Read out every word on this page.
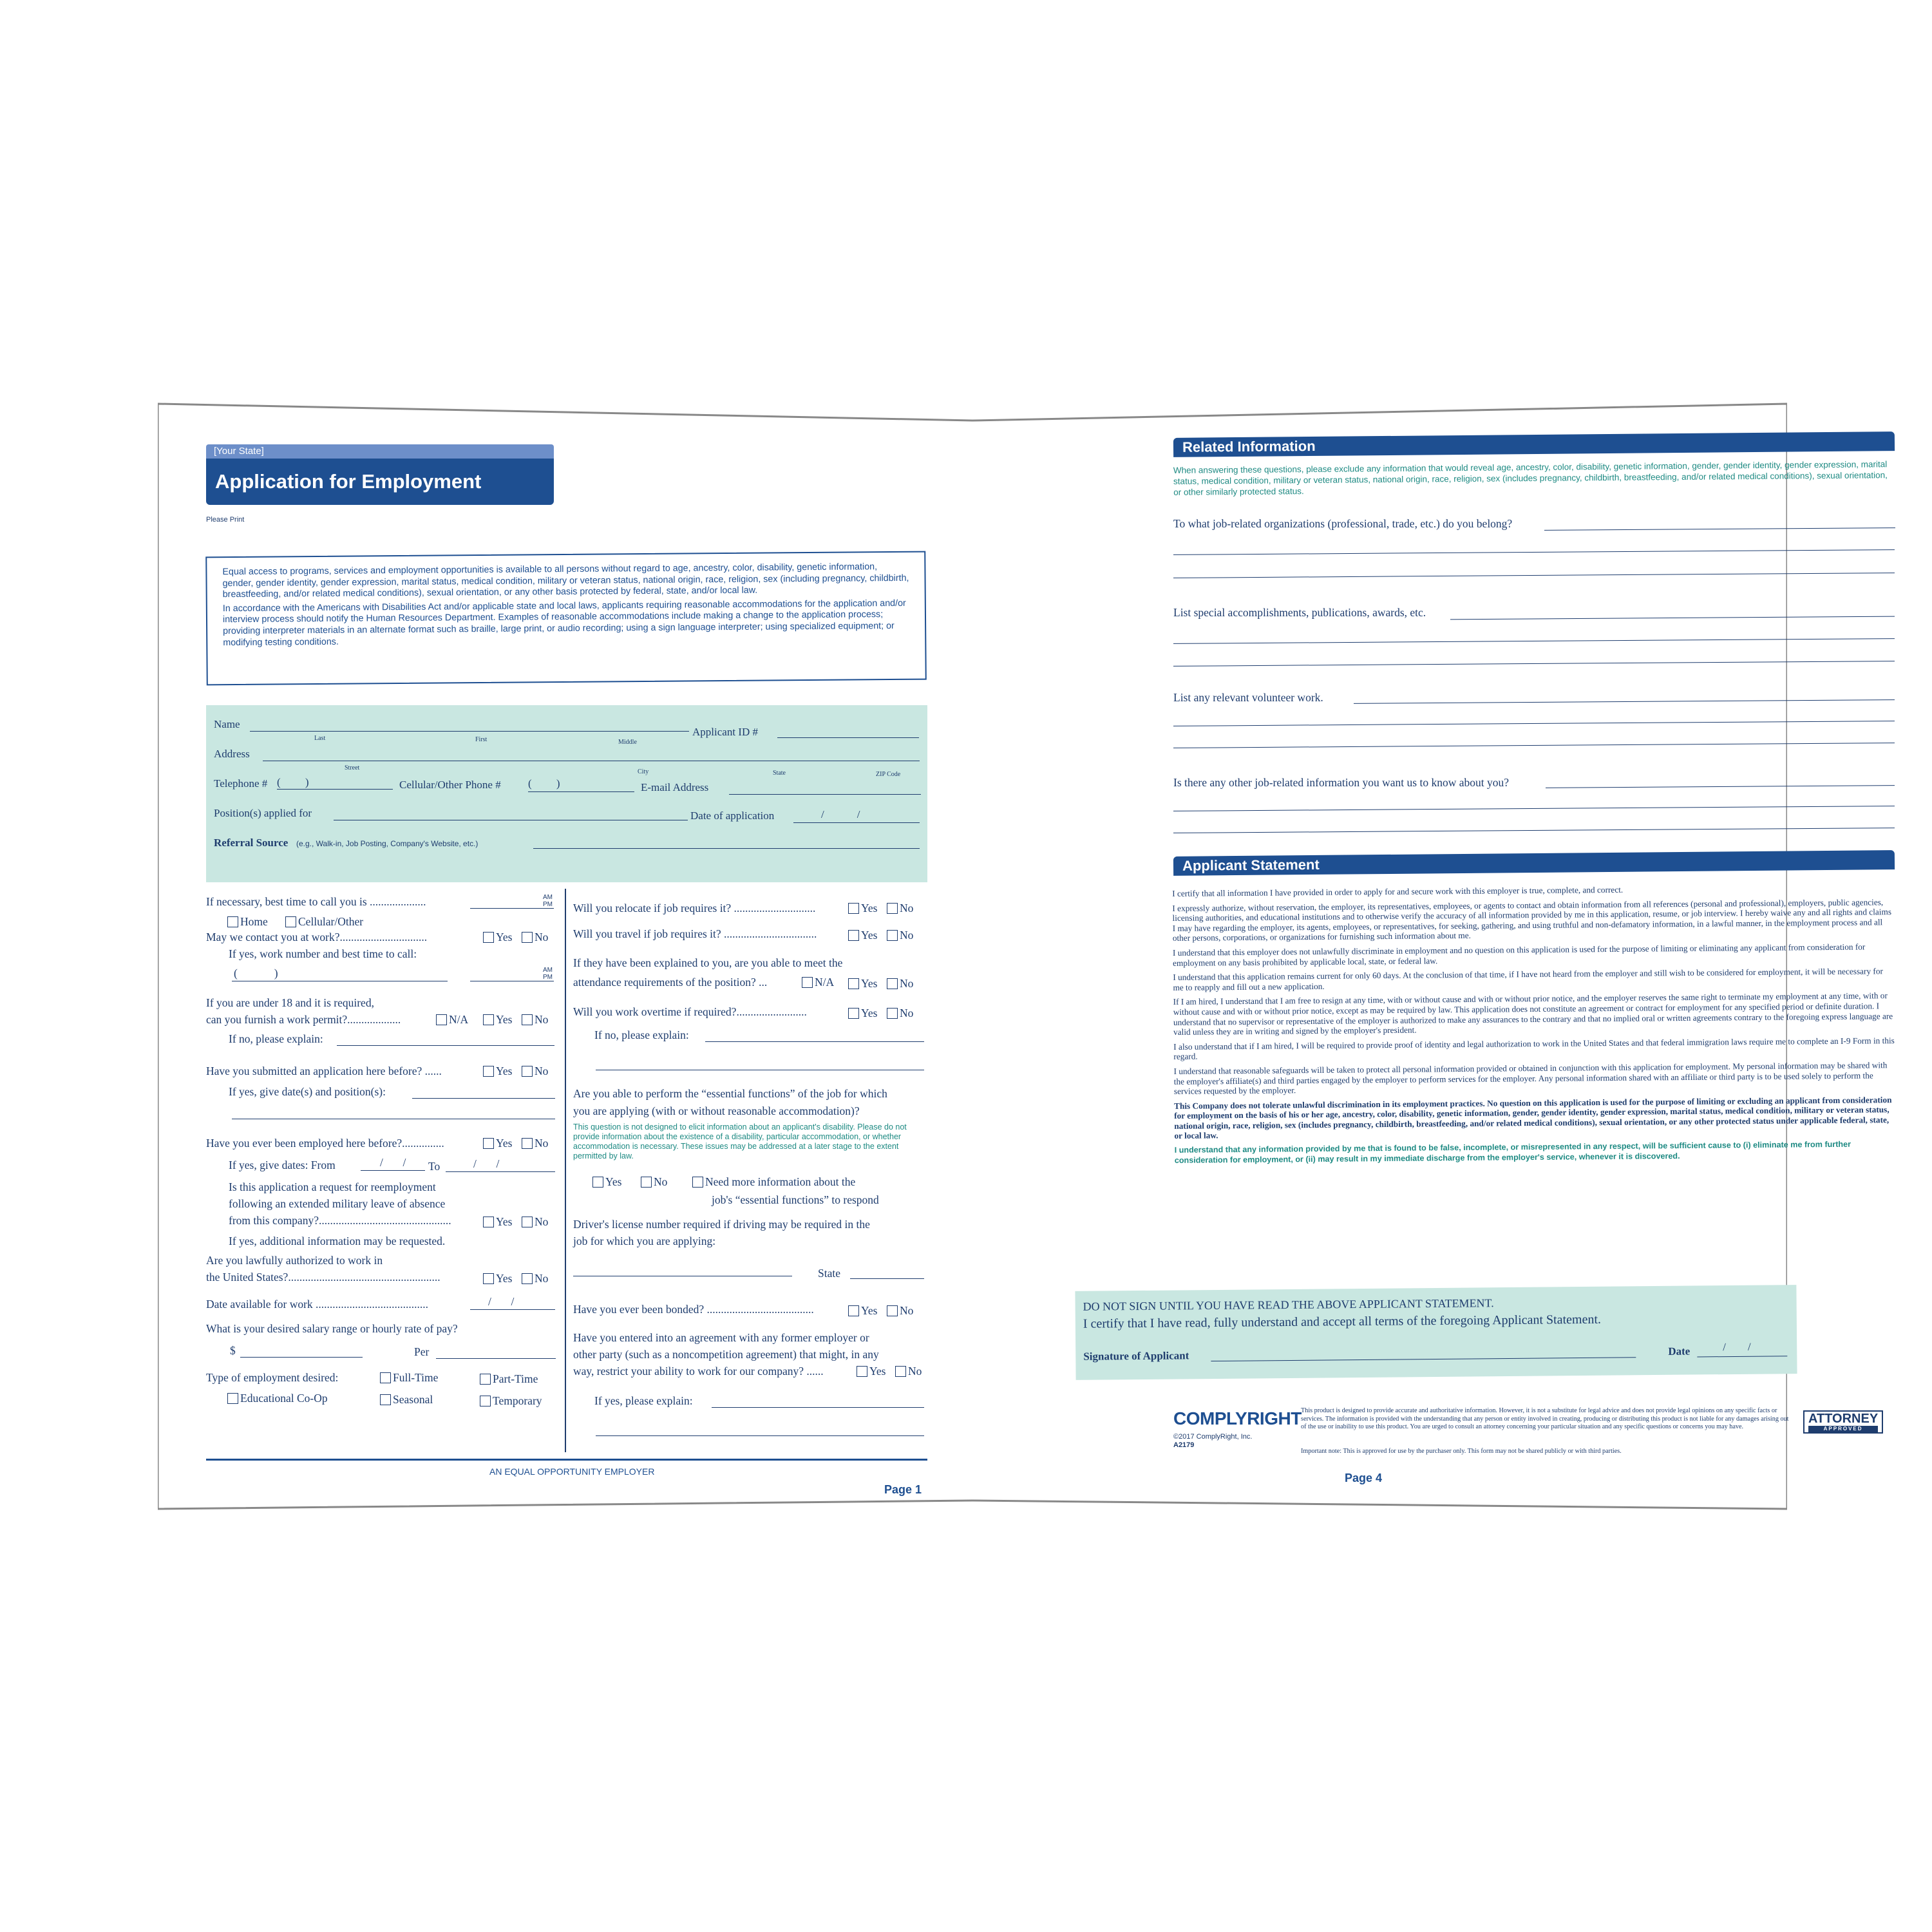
[Your State]
Application for Employment
Please Print

Equal access to programs, services and employment opportunities is available to all persons without regard to age, ancestry, color, disability, genetic information, gender, gender identity, gender expression, marital status, medical condition, military or veteran status, national origin, race, religion, sex (including pregnancy, childbirth, breastfeeding, and/or related medical conditions), sexual orientation, or any other basis protected by federal, state, and/or local law.

In accordance with the Americans with Disabilities Act and/or applicable state and local laws, applicants requiring reasonable accommodations for the application and/or interview process should notify the Human Resources Department. Examples of reasonable accommodations include making a change to the application process; providing interpreter materials in an alternate format such as braille, large print, or audio recording; using a sign language interpreter; using specialized equipment; or modifying testing conditions.

Name
Last	First	Middle
Applicant ID #
Address
Street
City	State	ZIP Code
Telephone # (         )	Cellular/Other Phone # (         )	E-mail Address
Position(s) applied for	Date of application	/            /
Referral Source (e.g., Walk-in, Job Posting, Company's Website, etc.)
If necessary, best time to call you is ....................	AM
PM
Home	Cellular/Other
May we contact you at work?...............................	Yes	No
If yes, work number and best time to call:
(             )	AM
PM
If you are under 18 and it is required,
can you furnish a work permit?...................	N/A	Yes	No
If no, please explain:
Have you submitted an application here before? ......	Yes	No
If yes, give date(s) and position(s):
Have you ever been employed here before?...............	Yes	No
If yes, give dates: From	/       / To	/       /
Is this application a request for reemployment
following an extended military leave of absence
from this company?...............................................	Yes	No
If yes, additional information may be requested.
Are you lawfully authorized to work in
the United States?......................................................	Yes	No
Date available for work ........................................	/       /
What is your desired salary range or hourly rate of pay?
$	Per
Type of employment desired:	Full-Time	Part-Time
Educational Co-Op	Seasonal	Temporary
Will you relocate if job requires it? .............................	Yes	No
Will you travel if job requires it? .................................	Yes	No
If they have been explained to you, are you able to meet the
attendance requirements of the position? ...	N/A	Yes	No
Will you work overtime if required?.........................	Yes	No
If no, please explain:
Are you able to perform the “essential functions” of the job for which
you are applying (with or without reasonable accommodation)?
This question is not designed to elicit information about an applicant's disability. Please do not provide information about the existence of a disability, particular accommodation, or whether accommodation is necessary. These issues may be addressed at a later stage to the extent permitted by law.
Yes	No	Need more information about the
job's “essential functions” to respond
Driver's license number required if driving may be required in the
job for which you are applying:
State
Have you ever been bonded? ......................................	Yes	No
Have you entered into an agreement with any former employer or
other party (such as a noncompetition agreement) that might, in any
way, restrict your ability to work for our company? ......	Yes	No
If yes, please explain:
AN EQUAL OPPORTUNITY EMPLOYER
Page 1
Related Information
When answering these questions, please exclude any information that would reveal age, ancestry, color, disability, genetic information, gender, gender identity, gender expression, marital status, medical condition, military or veteran status, national origin, race, religion, sex (includes pregnancy, childbirth, breastfeeding, and/or related medical conditions), sexual orientation, or other similarly protected status.
To what job-related organizations (professional, trade, etc.) do you belong?
List special accomplishments, publications, awards, etc.
List any relevant volunteer work.
Is there any other job-related information you want us to know about you?
Applicant Statement

I certify that all information I have provided in order to apply for and secure work with this employer is true, complete, and correct.

I expressly authorize, without reservation, the employer, its representatives, employees, or agents to contact and obtain information from all references (personal and professional), employers, public agencies, licensing authorities, and educational institutions and to otherwise verify the accuracy of all information provided by me in this application, resume, or job interview. I hereby waive any and all rights and claims I may have regarding the employer, its agents, employees, or representatives, for seeking, gathering, and using truthful and non-defamatory information, in a lawful manner, in the employment process and all other persons, corporations, or organizations for furnishing such information about me.

I understand that this employer does not unlawfully discriminate in employment and no question on this application is used for the purpose of limiting or eliminating any applicant from consideration for employment on any basis prohibited by applicable local, state, or federal law.

I understand that this application remains current for only 60 days. At the conclusion of that time, if I have not heard from the employer and still wish to be considered for employment, it will be necessary for me to reapply and fill out a new application.

If I am hired, I understand that I am free to resign at any time, with or without cause and with or without prior notice, and the employer reserves the same right to terminate my employment at any time, with or without cause and with or without prior notice, except as may be required by law. This application does not constitute an agreement or contract for employment for any specified period or definite duration. I understand that no supervisor or representative of the employer is authorized to make any assurances to the contrary and that no implied oral or written agreements contrary to the foregoing express language are valid unless they are in writing and signed by the employer's president.

I also understand that if I am hired, I will be required to provide proof of identity and legal authorization to work in the United States and that federal immigration laws require me to complete an I-9 Form in this regard.

I understand that reasonable safeguards will be taken to protect all personal information provided or obtained in conjunction with this application for employment. My personal information may be shared with the employer's affiliate(s) and third parties engaged by the employer to perform services for the employer. Any personal information shared with an affiliate or third party is to be used solely to perform the services requested by the employer.

This Company does not tolerate unlawful discrimination in its employment practices. No question on this application is used for the purpose of limiting or excluding an applicant from consideration for employment on the basis of his or her age, ancestry, color, disability, genetic information, gender, gender identity, gender expression, marital status, medical condition, military or veteran status, national origin, race, religion, sex (includes pregnancy, childbirth, breastfeeding, and/or related medical conditions), sexual orientation, or any other protected status under applicable federal, state, or local law.

I understand that any information provided by me that is found to be false, incomplete, or misrepresented in any respect, will be sufficient cause to (i) eliminate me from further consideration for employment, or (ii) may result in my immediate discharge from the employer's service, whenever it is discovered.

DO NOT SIGN UNTIL YOU HAVE READ THE ABOVE APPLICANT STATEMENT.
I certify that I have read, fully understand and accept all terms of the foregoing Applicant Statement.
Signature of Applicant	Date	/        /
COMPLYRIGHT
©2017 ComplyRight, Inc.
A2179
This product is designed to provide accurate and authoritative information. However, it is not a substitute for legal advice and does not provide legal opinions on any specific facts or services. The information is provided with the understanding that any person or entity involved in creating, producing or distributing this product is not liable for any damages arising out of the use or inability to use this product. You are urged to consult an attorney concerning your particular situation and any specific questions or concerns you may have.
Important note: This is approved for use by the purchaser only. This form may not be shared publicly or with third parties.
ATTORNEY
APPROVED
Page 4
